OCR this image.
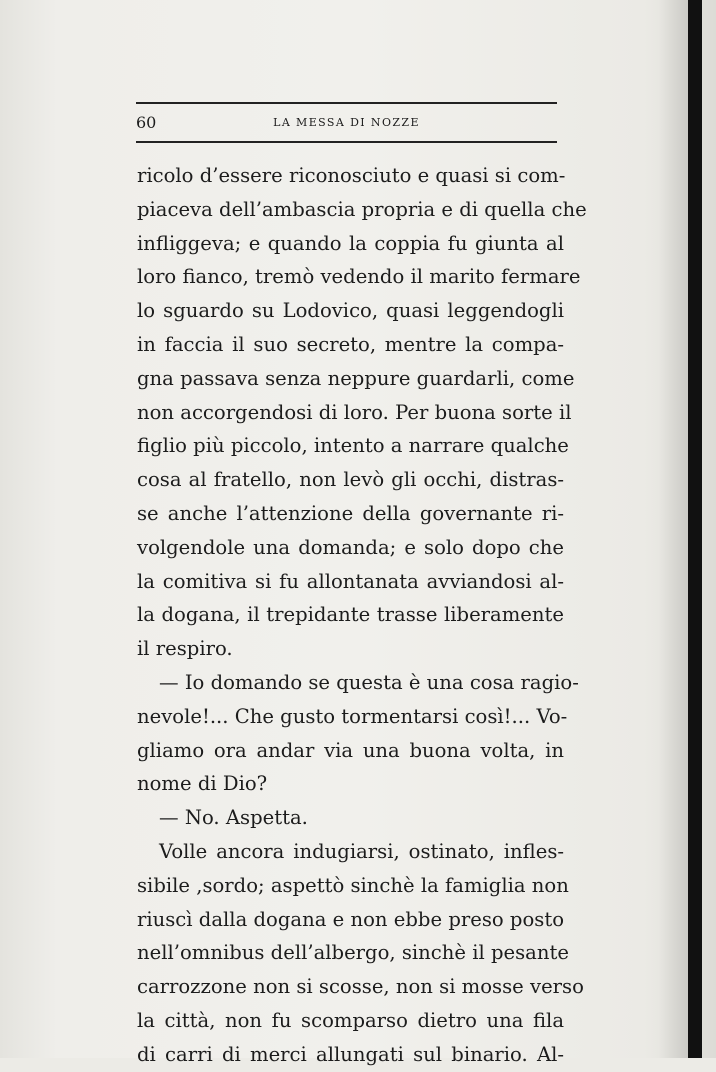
60	LA MESSA DI NOZZE
ricolo d’essere riconosciuto e quasi si com-
piaceva dell’ambascia propria e di quella che
infliggeva; e quando la coppia fu giunta al
loro fianco, tremò vedendo il marito fermare
lo sguardo su Lodovico, quasi leggendogli
in faccia il suo secreto, mentre la compa-
gna passava senza neppure guardarli, come
non accorgendosi di loro. Per buona sorte il
figlio più piccolo, intento a narrare qualche
cosa al fratello, non levò gli occhi, distras-
se anche l’attenzione della governante ri-
volgendole una domanda; e solo dopo che
la comitiva si fu allontanata avviandosi al-
la dogana, il trepidante trasse liberamente
il respiro.
— Io domando se questa è una cosa ragio-
nevole!... Che gusto tormentarsi così!... Vo-
gliamo ora andar via una buona volta, in
nome di Dio?
— No. Aspetta.
Volle ancora indugiarsi, ostinato, infles-
sibile ,sordo; aspettò sinchè la famiglia non
riuscì dalla dogana e non ebbe preso posto
nell’omnibus dell’albergo, sinchè il pesante
carrozzone non si scosse, non si mosse verso
la città, non fu scomparso dietro una fila
di carri di merci allungati sul binario. Al-
